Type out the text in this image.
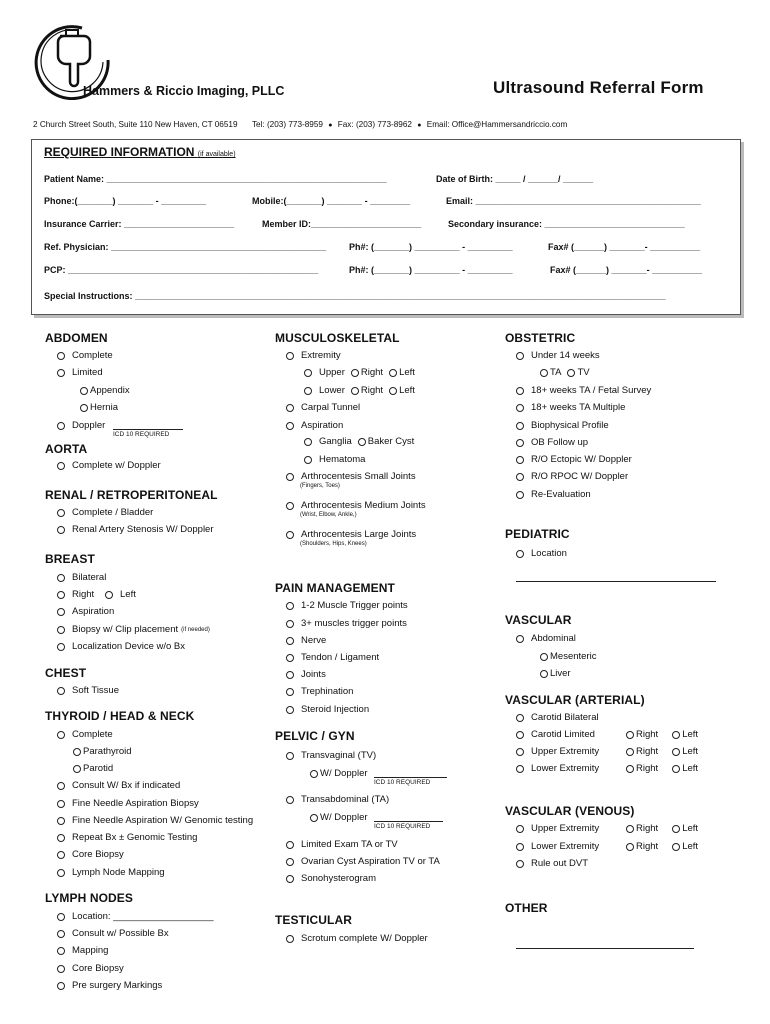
Hammers & Riccio Imaging, PLLC	Ultrasound Referral Form
2 Church Street South, Suite 110 New Haven, CT 06519 Tel: (203) 773-8959 ● Fax: (203) 773-8962 ● Email: Office@Hammersandriccio.com
REQUIRED INFORMATION (if available)
Patient Name: ________________________________________________________	Date of Birth: _____ / ______/ ______
Phone:(_______) _______ - _________	Mobile:(_______) _______ - ________	Email: _____________________________________________
Insurance Carrier: ______________________	Member ID:______________________	Secondary insurance: ____________________________
Ref. Physician: ___________________________________________	Ph#: (_______) _________ - _________	Fax# (______) _______- __________
PCP: __________________________________________________	Ph#: (_______) _________ - _________	Fax# (______) _______- __________
Special Instructions: __________________________________________________________________________________________________________
ABDOMEN
Complete
Limited
Appendix
Hernia
Doppler
ICD 10 REQUIRED
AORTA
Complete w/ Doppler
RENAL / RETROPERITONEAL
Complete / Bladder
Renal Artery Stenosis W/ Doppler
BREAST
Bilateral
Right	Left
Aspiration
Biopsy w/ Clip placement (if needed)
Localization Device w/o Bx
CHEST
Soft Tissue
THYROID / HEAD & NECK
Complete
Parathyroid
Parotid
Consult W/ Bx if indicated
Fine Needle Aspiration Biopsy
Fine Needle Aspiration W/ Genomic testing
Repeat Bx ± Genomic Testing
Core Biopsy
Lymph Node Mapping
LYMPH NODES
Location: ___________________
Consult w/ Possible Bx
Mapping
Core Biopsy
Pre surgery Markings
MUSCULOSKELETAL
Extremity
Upper Right Left
Lower Right Left
Carpal Tunnel
Aspiration
Ganglia Baker Cyst
Hematoma
Arthrocentesis Small Joints
(Fingers, Toes)
Arthrocentesis Medium Joints
(Wrist, Elbow, Ankle,)
Arthrocentesis Large Joints
(Shoulders, Hips, Knees)
PAIN MANAGEMENT
1-2 Muscle Trigger points
3+ muscles trigger points
Nerve
Tendon / Ligament
Joints
Trephination
Steroid Injection
PELVIC / GYN
Transvaginal (TV)
W/ Doppler
ICD 10 REQUIRED
Transabdominal (TA)
W/ Doppler
ICD 10 REQUIRED
Limited Exam TA or TV
Ovarian Cyst Aspiration TV or TA
Sonohysterogram
TESTICULAR
Scrotum complete W/ Doppler
OBSTETRIC
Under 14 weeks
TA TV
18+ weeks TA / Fetal Survey
18+ weeks TA Multiple
Biophysical Profile
OB Follow up
R/O Ectopic W/ Doppler
R/O RPOC W/ Doppler
Re-Evaluation
PEDIATRIC
Location
VASCULAR
Abdominal
Mesenteric
Liver
VASCULAR (ARTERIAL)
Carotid Bilateral
Carotid Limited	Right	Left
Upper Extremity	Right	Left
Lower Extremity	Right	Left
VASCULAR (VENOUS)
Upper Extremity	Right	Left
Lower Extremity	Right	Left
Rule out DVT
OTHER
